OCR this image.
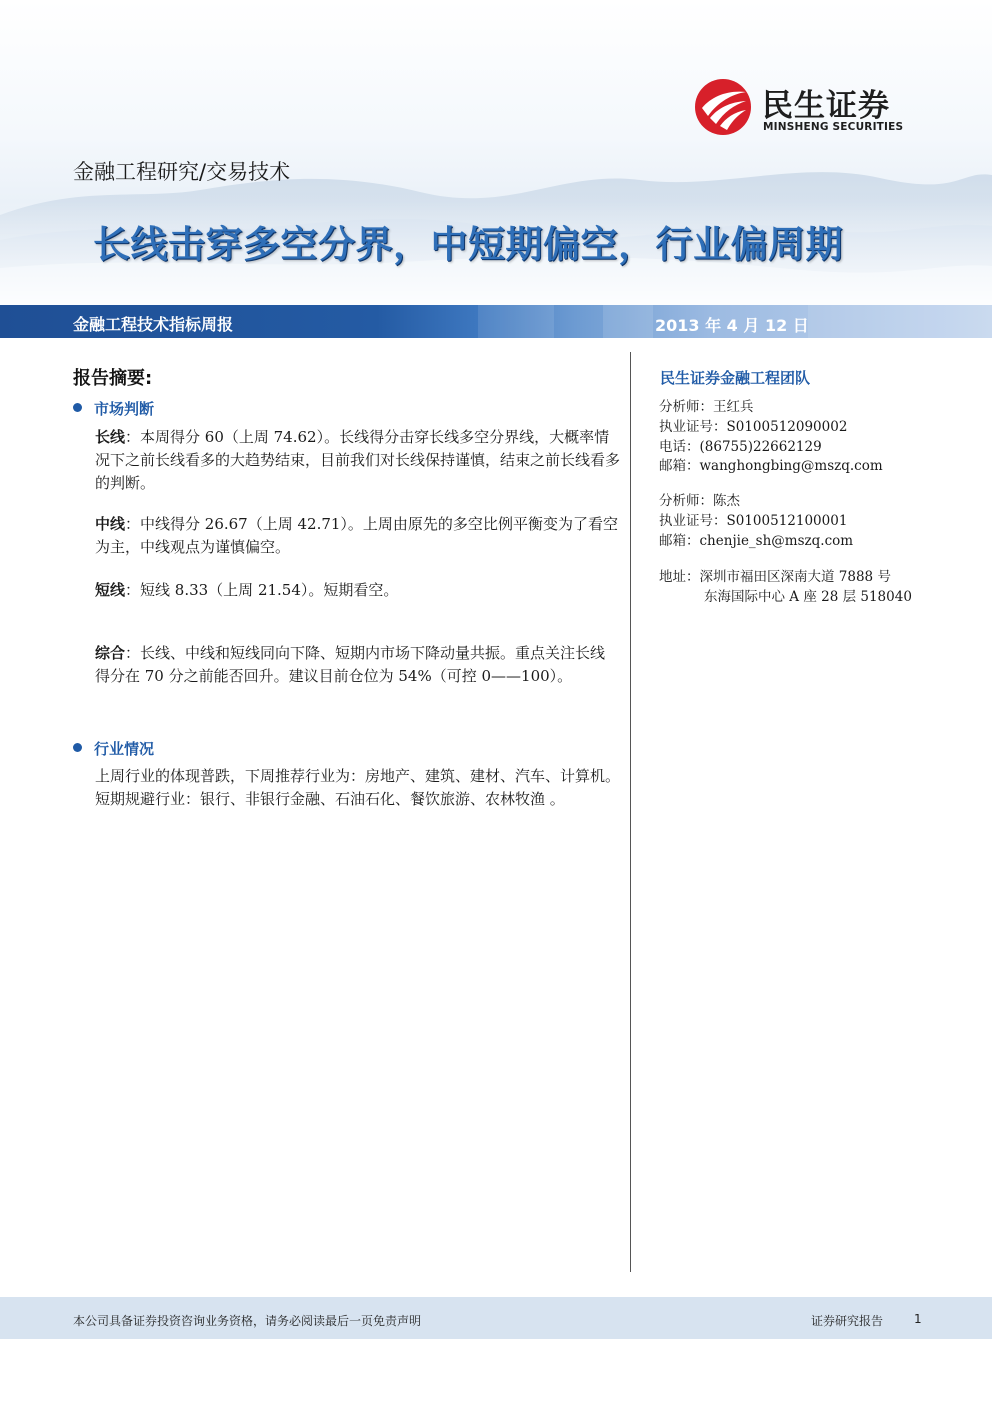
民生证券
MINSHENG SECURITIES
金融工程研究/交易技术
长线击穿多空分界，中短期偏空，行业偏周期
金融工程技术指标周报	2013 年 4 月 12 日
报告摘要:
市场判断
长线：本周得分 60（上周 74.62）。长线得分击穿长线多空分界线，大概率情况下之前长线看多的大趋势结束，目前我们对长线保持谨慎，结束之前长线看多的判断。
中线：中线得分 26.67（上周 42.71）。上周由原先的多空比例平衡变为了看空为主，中线观点为谨慎偏空。
短线：短线 8.33（上周 21.54）。短期看空。
综合：长线、中线和短线同向下降、短期内市场下降动量共振。重点关注长线得分在 70 分之前能否回升。建议目前仓位为 54%（可控 0——100）。
行业情况
上周行业的体现普跌，下周推荐行业为：房地产、建筑、建材、汽车、计算机。短期规避行业：银行、非银行金融、石油石化、餐饮旅游、农林牧渔 。
民生证券金融工程团队
分析师：王红兵
执业证号：S0100512090002
电话：(86755)22662129
邮箱：wanghongbing@mszq.com
分析师：陈杰
执业证号：S0100512100001
邮箱：chenjie_sh@mszq.com
地址：深圳市福田区深南大道 7888 号
东海国际中心 A 座 28 层 518040
本公司具备证券投资咨询业务资格，请务必阅读最后一页免责声明	证券研究报告	1
